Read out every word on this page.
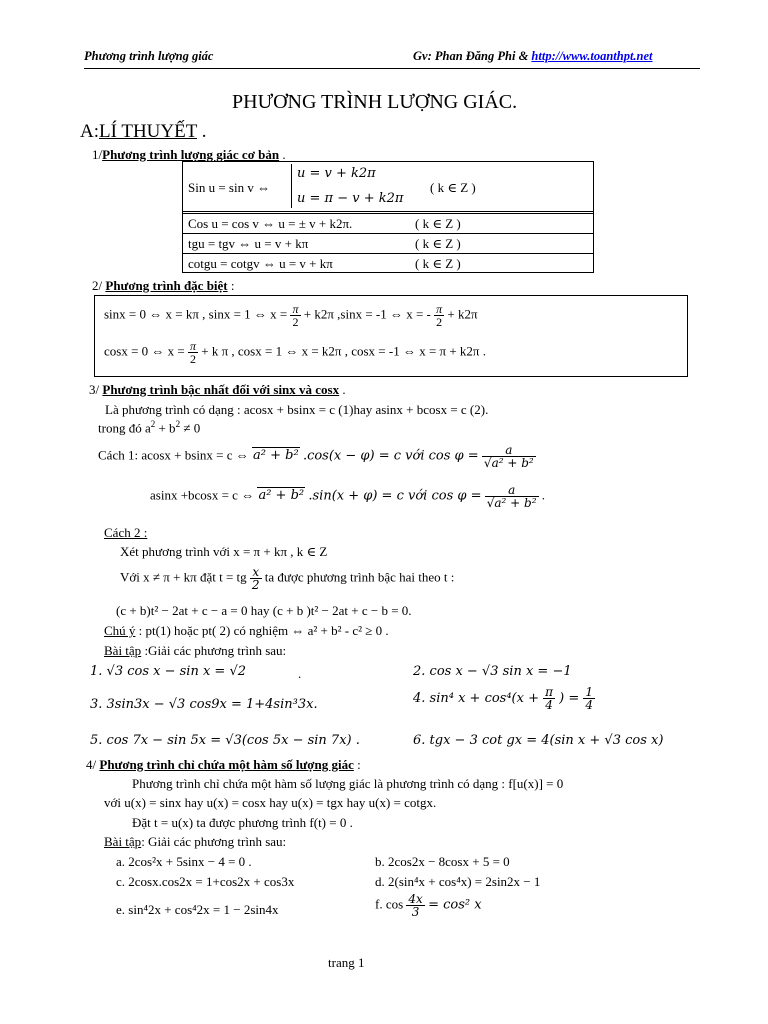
Phương trình lượng giác	Gv: Phan Đăng Phi & http://www.toanthpt.net
PHƯƠNG TRÌNH LƯỢNG GIÁC.
A:LÍ THUYẾT .
1/Phương trình lượng giác cơ bản .
Sin u = sin v ⇔
u = v + k2π
u = π − v + k2π
( k ∈ Z )
Cos u = cos v ⇔ u = ± v + k2π.	( k ∈ Z )
tgu = tgv ⇔ u = v + kπ	( k ∈ Z )
cotgu = cotgv ⇔ u = v + kπ	( k ∈ Z )
2/ Phương trình đặc biệt :
sinx = 0 ⇔ x = kπ , sinx = 1 ⇔ $x = \frac{\pi}{2} + k2\pi$ ,sinx = -1 ⇔ x = - $\frac{\pi}{2} + k2\pi$
cosx = 0 ⇔ $x = \frac{\pi}{2} + k$ π , cosx = 1 ⇔ x = k2π , cosx = -1 ⇔ x = π + k2π .
3/ Phương trình bậc nhất đối với sinx và cosx .
Là phương trình có dạng : acosx + bsinx = c (1)hay asinx + bcosx = c (2).
trong đó $a^2 + b^2 \ne 0$
Cách 1: acosx + bsinx = c ⇔ a² + b² .cos(x − φ) = c với $\cos \varphi = \frac{a}{\text{√a² + b²}}$
asinx +bcosx = c ⇔ a² + b² .sin(x + φ) = c với $\cos \varphi = \frac{a}{\text{√a² + b²}}$ .
Cách 2 :
Xét phương trình với x = π + kπ , k ∈ Z
Với x ≠ π + kπ đặt t = tg $\frac{x}{2}$ ta được phương trình bậc hai theo t :
(c + b)t² − 2at + c − a = 0 hay (c + b )t² − 2at + c − b = 0.
Chú ý : pt(1) hoặc pt( 2) có nghiệm ⇔ a² + b² - c² ≥ 0 .
Bài tập :Giải các phương trình sau:
1. √3 cos x − sin x = √2	.	2. cos x − √3 sin x = −1
3. 3sin3x − √3 cos9x = 1+4sin³3x.	4. sin⁴ $x + \cos^4(x + \frac{\pi}{4}$ ) = $\frac{1}{4}$
5. cos 7x − sin 5x = √3(cos 5x − sin 7x) .	6. tgx − 3 cot gx = 4(sin x + √3 cos x)
4/ Phương trình chỉ chứa một hàm số lượng giác :
Phương trình chỉ chứa một hàm số lượng giác là phương trình có dạng : f[u(x)] = 0
với u(x) = sinx hay u(x) = cosx hay u(x) = tgx hay u(x) = cotgx.
Đặt t = u(x) ta được phương trình f(t) = 0 .
Bài tập: Giải các phương trình sau:
a. 2cos²x + 5sinx − 4 = 0 .	b. 2cos2x − 8cosx + 5 = 0
c. 2cosx.cos2x = 1+cos2x + cos3x	d. 2(sin⁴x + cos⁴x) = 2sin2x − 1
e. sin⁴2x + cos⁴2x = 1 − 2sin4x	f. $\cos \frac{4x}{3} = \cos^2$ x
trang 1
